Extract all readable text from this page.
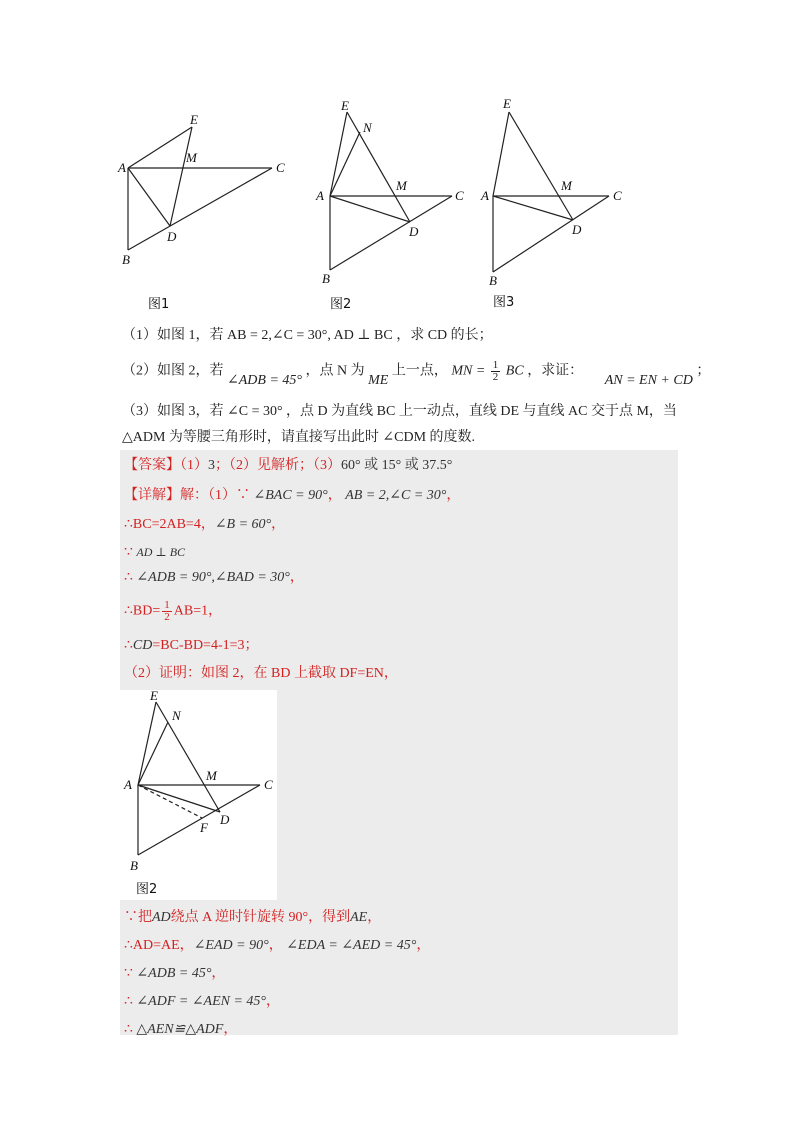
A
B
C
D
E
M
图1
A
B
C
D
E
N
M
图2
A
B
C
D
E
M
图3
（1）如图 1，若 AB = 2,∠C = 30°, AD ⊥ BC ，求 CD 的长；
（2）如图 2，若 ∠ADB = 45° ，点 N 为 ME 上一点， MN = $\frac{1}{2}$ BC ，求证： AN = EN + CD ；
（3）如图 3，若 ∠C = 30° ，点 D 为直线 BC 上一动点，直线 DE 与直线 AC 交于点 M，当
△ADM 为等腰三角形时，请直接写出此时 ∠CDM 的度数.
【答案】（1）3；（2）见解析；（3）60° 或 15° 或 37.5°
【详解】解：（1）∵ ∠BAC = 90°， AB = 2,∠C = 30°，
∴BC=2AB=4，∠B = 60°，
∵ AD ⊥ BC
∴ ∠ADB = 90°,∠BAD = 30°，
∴BD= $\frac{1}{2} AB=1$，
∴CD=BC-BD=4-1=3；
（2）证明：如图 2，在 BD 上截取 DF=EN，
A
B
C
D
E
N
M
F
图2
∵把AD绕点 A 逆时针旋转 90°，得到AE，
∴AD=AE，∠EAD = 90°， ∠EDA = ∠AED = 45°，
∵ ∠ADB = 45°，
∴ ∠ADF = ∠AEN = 45°，
∴ △AEN≌△ADF，
